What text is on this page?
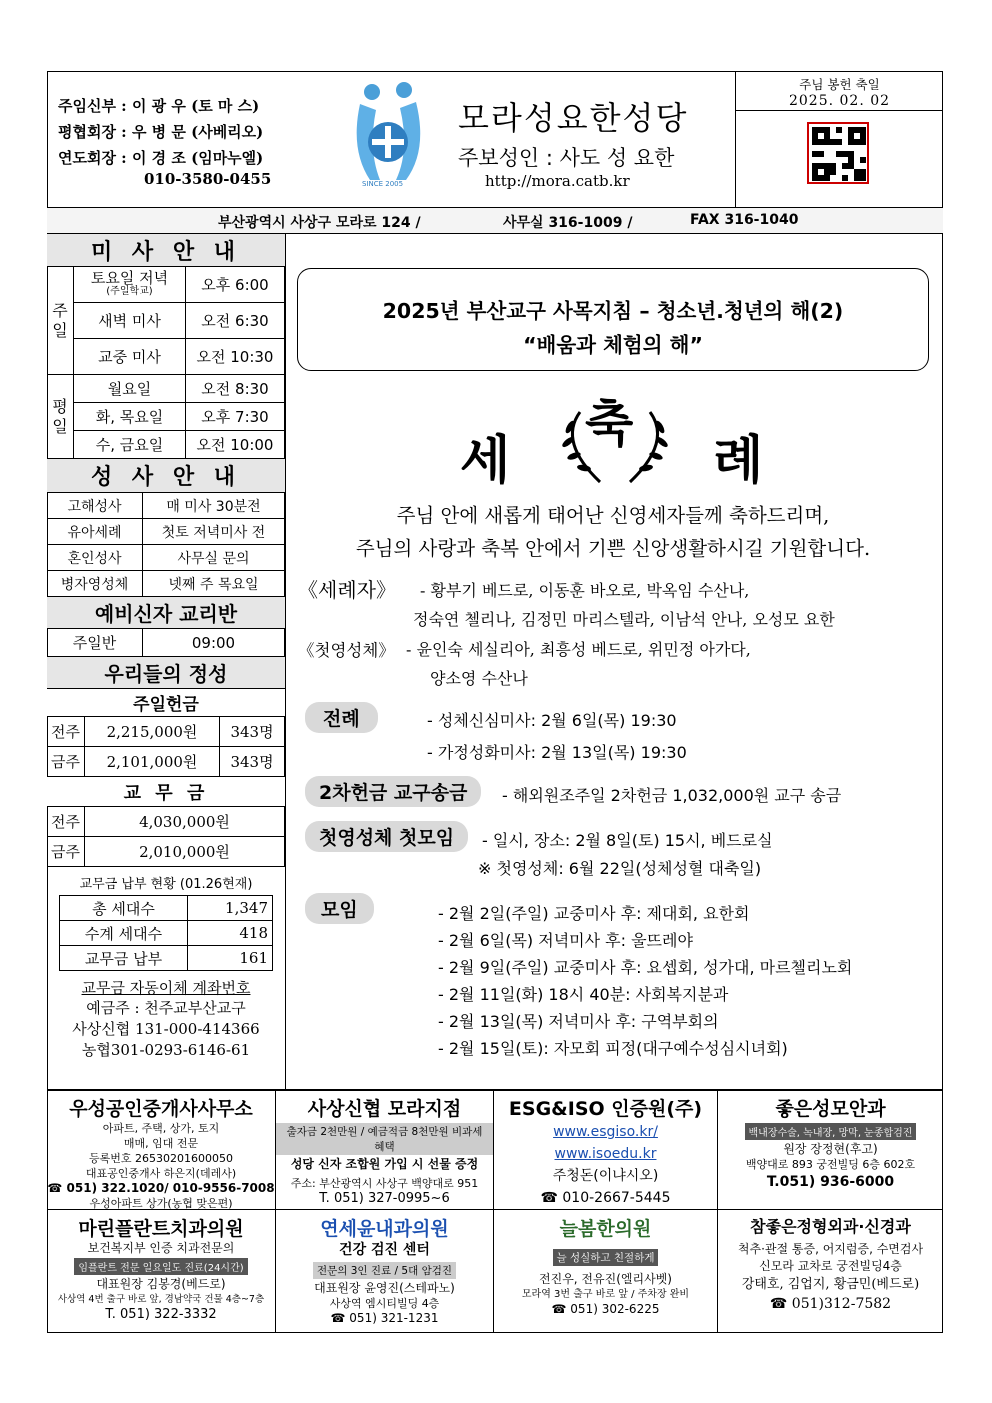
주임신부 :
이 광 우 (토 마 스)
평협회장 :
우 병 문 (사베리오)
연도회장 :
이 경 조 (임마누엘)
010-3580-0455	SINCE 2005
모라성요한성당
주보성인 : 사도 성 요한
http://mora.catb.kr
주님 봉헌 축일
2025. 02. 02
부산광역시 사상구 모라로 124 /	사무실 316-1009 /	FAX 316-1040
미 사 안 내
주일
토요일 저녁
(주일학교)	오후 6:00
새벽 미사	오전 6:30
교중 미사	오전 10:30
평일
월요일	오전 8:30
화, 목요일	오후 7:30
수, 금요일	오전 10:00
성 사 안 내
고해성사	매 미사 30분전
유아세례	첫토 저녁미사 전
혼인성사	사무실 문의
병자영성체	넷째 주 목요일
예비신자 교리반
주일반	09:00
우리들의 정성
주일헌금
전주	2,215,000원	343명
금주	2,101,000원	343명
교 무 금
전주	4,030,000원
금주	2,010,000원
교무금 납부 현황 (01.26현재)
총 세대수	1,347
수계 세대수	418
교무금 납부	161
교무금 자동이체 계좌번호
예금주 : 천주교부산교구
사상신협 131-000-414366
농협301-0293-6146-61
2025년 부산교구 사목지침 – 청소년.청년의 해(2)
“배움과 체험의 해”
세
축
례
주님 안에 새롭게 태어난 신영세자들께 축하드리며,
주님의 사랑과 축복 안에서 기쁜 신앙생활하시길 기원합니다.
《세례자》 - 황부기 베드로, 이동훈 바오로, 박옥임 수산나,
정숙연 첼리나, 김정민 마리스텔라, 이남석 안나, 오성모 요한
《첫영성체》 - 윤인숙 세실리아, 최흥성 베드로, 위민정 아가다,
양소영 수산나
전례	- 성체신심미사: 2월 6일(목) 19:30
- 가정성화미사: 2월 13일(목) 19:30
2차헌금 교구송금	- 해외원조주일 2차헌금 1,032,000원 교구 송금
첫영성체 첫모임	- 일시, 장소: 2월 8일(토) 15시, 베드로실
※ 첫영성체: 6월 22일(성체성혈 대축일)
모임	- 2월 2일(주일) 교중미사 후: 제대회, 요한회
- 2월 6일(목) 저녁미사 후: 울뜨레야
- 2월 9일(주일) 교중미사 후: 요셉회, 성가대, 마르첼리노회
- 2월 11일(화) 18시 40분: 사회복지분과
- 2월 13일(목) 저녁미사 후: 구역부회의
- 2월 15일(토): 자모회 피정(대구예수성심시녀회)
우성공인중개사사무소
아파트, 주택, 상가, 토지
매매, 임대 전문
등록번호 26530201600050
대표공인중개사 하은지(데레사)
☎ 051) 322.1020/ 010-9556-7008
우성아파트 상가(농협 맞은편)
사상신협 모라지점
출자금 2천만원 / 예금적금 8천만원 비과세 혜택
성당 신자 조합원 가입 시 선물 증정
주소: 부산광역시 사상구 백양대로 951
T. 051) 327-0995~6
ESG&ISO 인증원(주)
www.esgiso.kr/
www.isoedu.kr
주청돈(이냐시오)
☎ 010-2667-5445
좋은성모안과
백내장수술, 녹내장, 망막, 눈종합검진
원장 장정현(후고)
백양대로 893 궁전빌딩 6층 602호
T.051) 936-6000
마린플란트치과의원
보건복지부 인증 치과전문의
임플란트 전문 일요일도 진료(24시간)
대표원장 김봉경(베드로)
사상역 4번 출구 바로 앞, 경남약국 건물 4층~7층
T. 051) 322-3332
연세윤내과의원
건강 검진 센터
전문의 3인 진료 / 5대 암검진
대표원장 윤영진(스테파노)
사상역 엠시티빌딩 4층
☎ 051) 321-1231
늘봄한의원
늘 성실하고 친절하게
전진우, 전유진(엘리사벳)
모라역 3번 출구 바로 앞 / 주차장 완비
☎ 051) 302-6225
참좋은정형외과·신경과
척추·관절 통증, 어지럼증, 수면검사
신모라 교차로 궁전빌딩4층
강태호, 김업지, 황금민(베드로)
☎ 051)312-7582
